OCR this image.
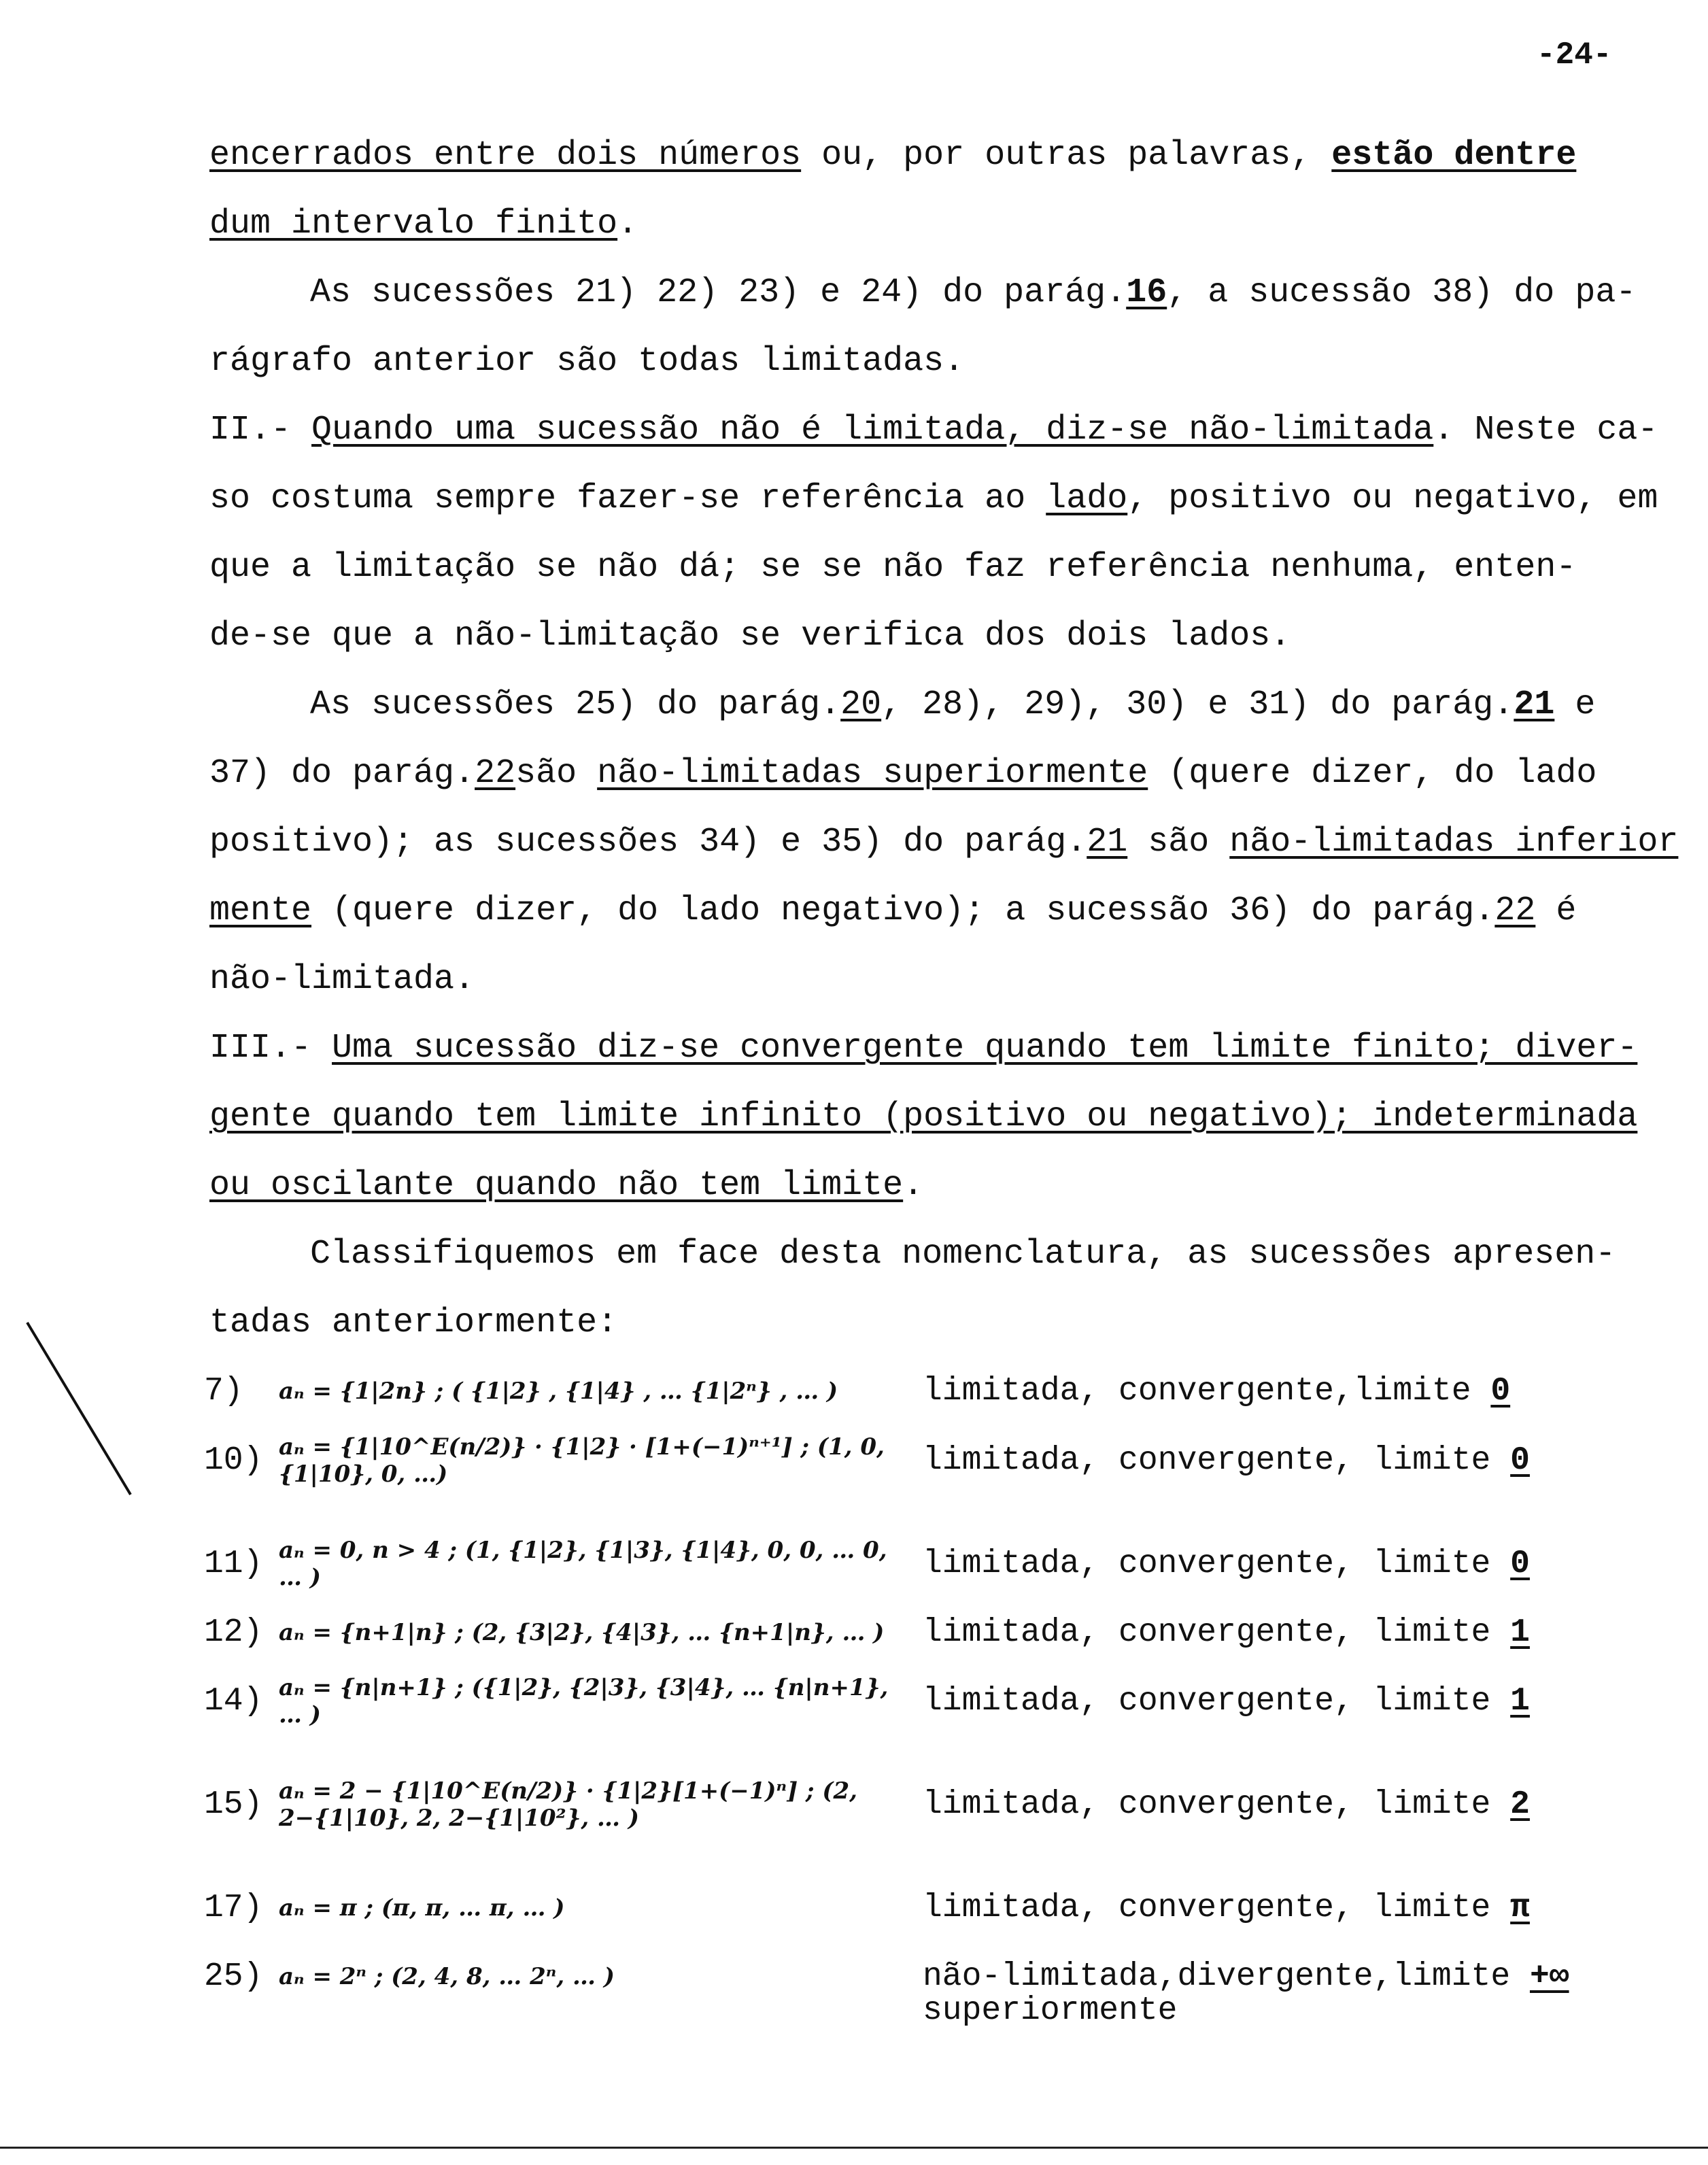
-24-
encerrados entre dois números ou, por outras palavras, estão dentre
dum intervalo finito.
As sucessões 21) 22) 23) e 24) do parág.16, a sucessão 38) do pa-
rágrafo anterior são todas limitadas.
II.- Quando uma sucessão não é limitada, diz-se não-limitada. Neste ca-
so costuma sempre fazer-se referência ao lado, positivo ou negativo, em
que a limitação se não dá; se se não faz referência nenhuma, enten-
de-se que a não-limitação se verifica dos dois lados.
As sucessões 25) do parág.20, 28), 29), 30) e 31) do parág.21 e
37) do parág.22são não-limitadas superiormente (quere dizer, do lado
positivo); as sucessões 34) e 35) do parág.21 são não-limitadas inferior
mente (quere dizer, do lado negativo); a sucessão 36) do parág.22 é
não-limitada.
III.- Uma sucessão diz-se convergente quando tem limite finito; diver-
gente quando tem limite infinito (positivo ou negativo); indeterminada
ou oscilante quando não tem limite.
Classifiquemos em face desta nomenclatura, as sucessões apresen-
tadas anteriormente:
7)	aₙ = {1|2n} ; ( {1|2} , {1|4} , … {1|2ⁿ} , … )	limitada, convergente,limite 0
10) aₙ = {1|10^E(n/2)} · {1|2} · [1+(−1)ⁿ⁺¹] ; (1, 0, {1|10}, 0, …)	limitada, convergente, limite 0
11) aₙ = 0, n > 4 ; (1, {1|2}, {1|3}, {1|4}, 0, 0, … 0, … )	limitada, convergente, limite 0
12) aₙ = {n+1|n} ; (2, {3|2}, {4|3}, … {n+1|n}, … )	limitada, convergente, limite 1
14) aₙ = {n|n+1} ; ({1|2}, {2|3}, {3|4}, … {n|n+1}, … )	limitada, convergente, limite 1
15) aₙ = 2 − {1|10^E(n/2)} · {1|2}[1+(−1)ⁿ] ; (2, 2−{1|10}, 2, 2−{1|10²}, … )	limitada, convergente, limite 2
17) aₙ = π ; (π, π, … π, … )	limitada, convergente, limite π
25) aₙ = 2ⁿ ; (2, 4, 8, … 2ⁿ, … )	não-limitada,divergente,limite +∞
superiormente
